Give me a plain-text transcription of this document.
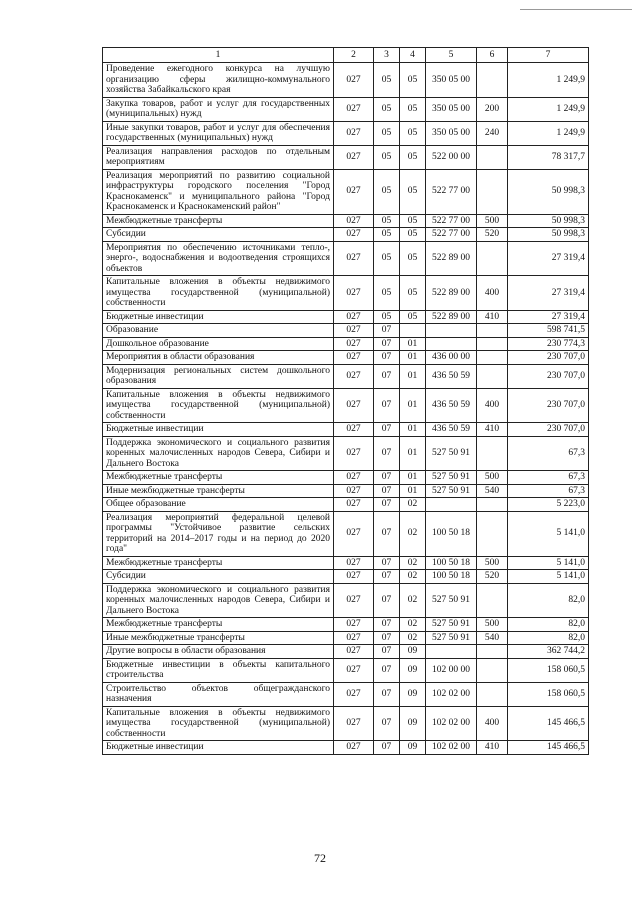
1	2	3	4	5	6	7
Проведение ежегодного конкурса на лучшую организацию сферы жилищно-коммунального хозяйства Забайкальского края	027	05	05	350 05 00		1 249,9
Закупка товаров, работ и услуг для государственных (муниципальных) нужд	027	05	05	350 05 00	200	1 249,9
Иные закупки товаров, работ и услуг для обеспечения государственных (муниципальных) нужд	027	05	05	350 05 00	240	1 249,9
Реализация направления расходов по отдельным мероприятиям	027	05	05	522 00 00		78 317,7
Реализация мероприятий по развитию социальной инфраструктуры городского поселения "Город Краснокаменск" и муниципального района "Город Краснокаменск и Краснокаменский район"	027	05	05	522 77 00		50 998,3
Межбюджетные трансферты	027	05	05	522 77 00	500	50 998,3
Субсидии	027	05	05	522 77 00	520	50 998,3
Мероприятия по обеспечению источниками тепло-, энерго-, водоснабжения и водоотведения строящихся объектов	027	05	05	522 89 00		27 319,4
Капитальные вложения в объекты недвижимого имущества государственной (муниципальной) собственности	027	05	05	522 89 00	400	27 319,4
Бюджетные инвестиции	027	05	05	522 89 00	410	27 319,4
Образование	027	07				598 741,5
Дошкольное образование	027	07	01			230 774,3
Мероприятия в области образования	027	07	01	436 00 00		230 707,0
Модернизация региональных систем дошкольного образования	027	07	01	436 50 59		230 707,0
Капитальные вложения в объекты недвижимого имущества государственной (муниципальной) собственности	027	07	01	436 50 59	400	230 707,0
Бюджетные инвестиции	027	07	01	436 50 59	410	230 707,0
Поддержка экономического и социального развития коренных малочисленных народов Севера, Сибири и Дальнего Востока	027	07	01	527 50 91		67,3
Межбюджетные трансферты	027	07	01	527 50 91	500	67,3
Иные межбюджетные трансферты	027	07	01	527 50 91	540	67,3
Общее образование	027	07	02			5 223,0
Реализация мероприятий федеральной целевой программы "Устойчивое развитие сельских территорий на 2014–2017 годы и на период до 2020 года"	027	07	02	100 50 18		5 141,0
Межбюджетные трансферты	027	07	02	100 50 18	500	5 141,0
Субсидии	027	07	02	100 50 18	520	5 141,0
Поддержка экономического и социального развития коренных малочисленных народов Севера, Сибири и Дальнего Востока	027	07	02	527 50 91		82,0
Межбюджетные трансферты	027	07	02	527 50 91	500	82,0
Иные межбюджетные трансферты	027	07	02	527 50 91	540	82,0
Другие вопросы в области образования	027	07	09			362 744,2
Бюджетные инвестиции в объекты капитального строительства	027	07	09	102 00 00		158 060,5
Строительство объектов общегражданского назначения	027	07	09	102 02 00		158 060,5
Капитальные вложения в объекты недвижимого имущества государственной (муниципальной) собственности	027	07	09	102 02 00	400	145 466,5
Бюджетные инвестиции	027	07	09	102 02 00	410	145 466,5
72
